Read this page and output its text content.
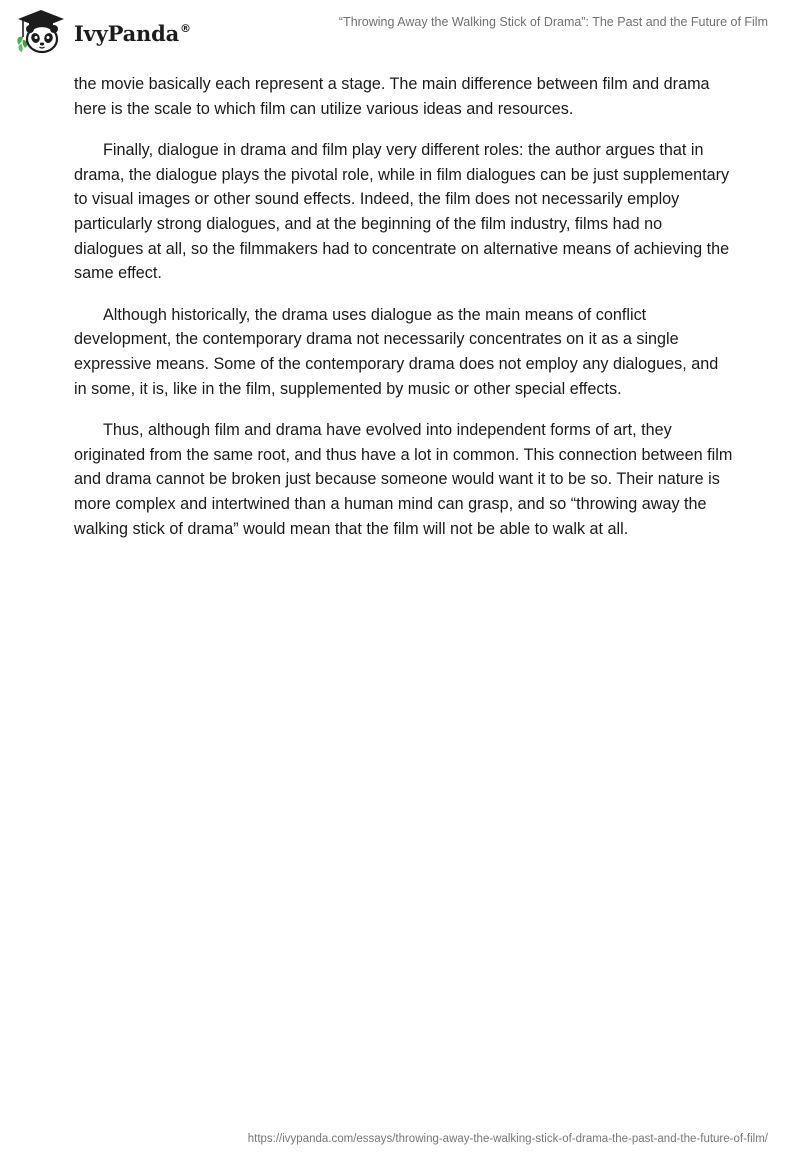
IvyPanda®	“Throwing Away the Walking Stick of Drama”: The Past and the Future of Film

the movie basically each represent a stage. The main difference between film and drama here is the scale to which film can utilize various ideas and resources.

Finally, dialogue in drama and film play very different roles: the author argues that in drama, the dialogue plays the pivotal role, while in film dialogues can be just supplementary to visual images or other sound effects. Indeed, the film does not necessarily employ particularly strong dialogues, and at the beginning of the film industry, films had no dialogues at all, so the filmmakers had to concentrate on alternative means of achieving the same effect.

Although historically, the drama uses dialogue as the main means of conflict development, the contemporary drama not necessarily concentrates on it as a single expressive means. Some of the contemporary drama does not employ any dialogues, and in some, it is, like in the film, supplemented by music or other special effects.

Thus, although film and drama have evolved into independent forms of art, they originated from the same root, and thus have a lot in common. This connection between film and drama cannot be broken just because someone would want it to be so. Their nature is more complex and intertwined than a human mind can grasp, and so “throwing away the walking stick of drama” would mean that the film will not be able to walk at all.

https://ivypanda.com/essays/throwing-away-the-walking-stick-of-drama-the-past-and-the-future-of-film/
